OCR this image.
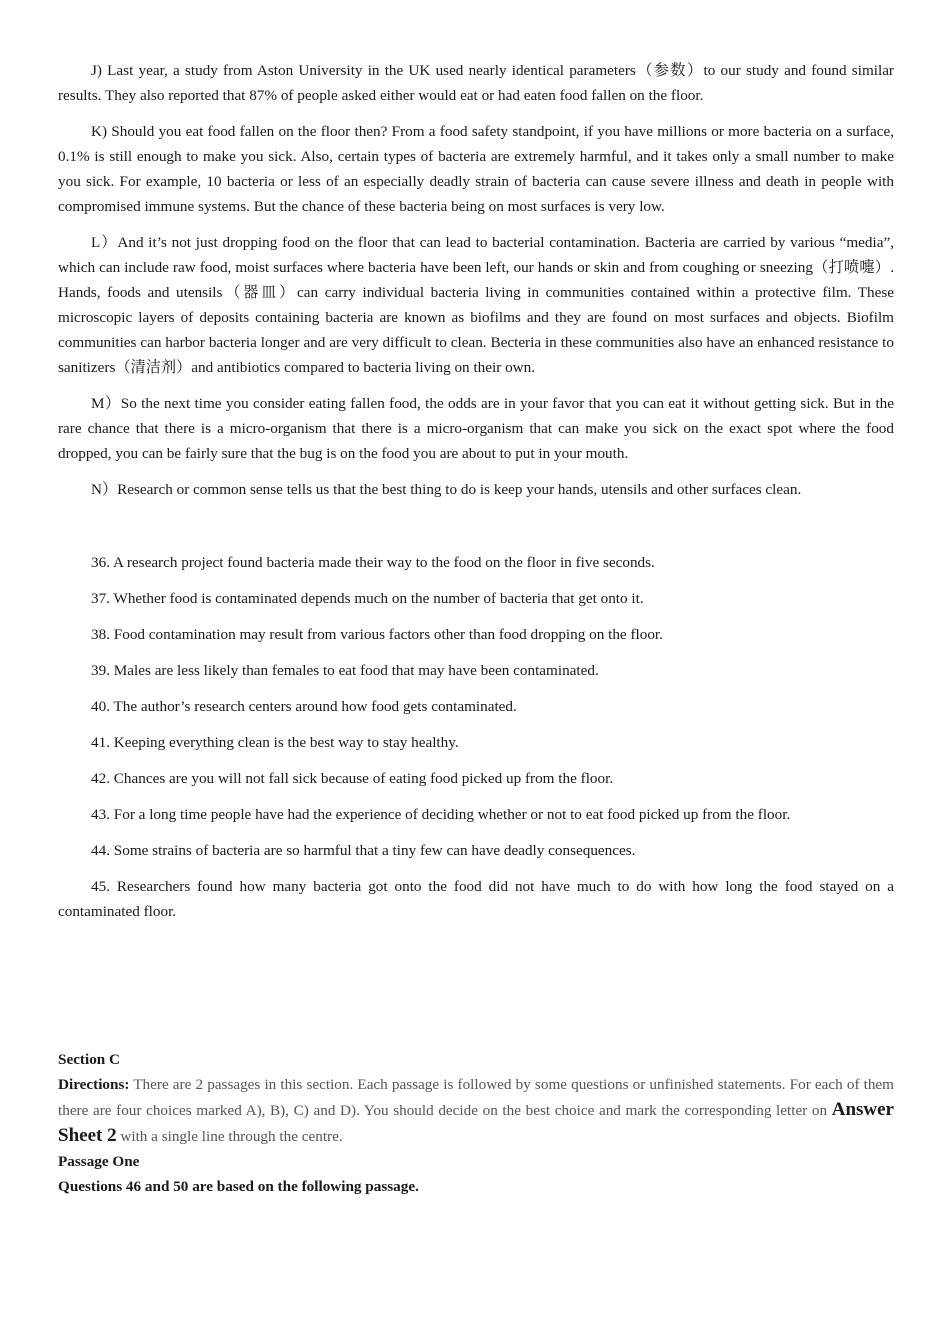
J) Last year, a study from Aston University in the UK used nearly identical parameters（参数）to our study and found similar results. They also reported that 87% of people asked either would eat or had eaten food fallen on the floor.

K) Should you eat food fallen on the floor then? From a food safety standpoint, if you have millions or more bacteria on a surface, 0.1% is still enough to make you sick. Also, certain types of bacteria are extremely harmful, and it takes only a small number to make you sick. For example, 10 bacteria or less of an especially deadly strain of bacteria can cause severe illness and death in people with compromised immune systems. But the chance of these bacteria being on most surfaces is very low.

L）And it’s not just dropping food on the floor that can lead to bacterial contamination. Bacteria are carried by various “media”, which can include raw food, moist surfaces where bacteria have been left, our hands or skin and from coughing or sneezing（打喷嚏）. Hands, foods and utensils（器皿）can carry individual bacteria living in communities contained within a protective film. These microscopic layers of deposits containing bacteria are known as biofilms and they are found on most surfaces and objects. Biofilm communities can harbor bacteria longer and are very difficult to clean. Becteria in these communities also have an enhanced resistance to sanitizers（清洁剂）and antibiotics compared to bacteria living on their own.

M）So the next time you consider eating fallen food, the odds are in your favor that you can eat it without getting sick. But in the rare chance that there is a micro-organism that there is a micro-organism that can make you sick on the exact spot where the food dropped, you can be fairly sure that the bug is on the food you are about to put in your mouth.

N）Research or common sense tells us that the best thing to do is keep your hands, utensils and other surfaces clean.

36. A research project found bacteria made their way to the food on the floor in five seconds.

37. Whether food is contaminated depends much on the number of bacteria that get onto it.

38. Food contamination may result from various factors other than food dropping on the floor.

39. Males are less likely than females to eat food that may have been contaminated.

40. The author’s research centers around how food gets contaminated.

41. Keeping everything clean is the best way to stay healthy.

42. Chances are you will not fall sick because of eating food picked up from the floor.

43. For a long time people have had the experience of deciding whether or not to eat food picked up from the floor.

44. Some strains of bacteria are so harmful that a tiny few can have deadly consequences.

45. Researchers found how many bacteria got onto the food did not have much to do with how long the food stayed on a contaminated floor.

Section C
Directions: There are 2 passages in this section. Each passage is followed by some questions or unfinished statements. For each of them there are four choices marked A), B), C) and D). You should decide on the best choice and mark the corresponding letter on Answer Sheet 2 with a single line through the centre.
Passage One
Questions 46 and 50 are based on the following passage.
